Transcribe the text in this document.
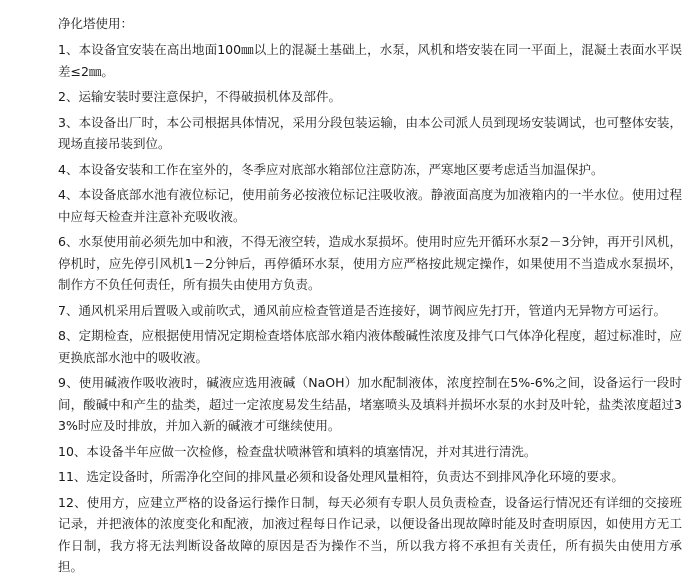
净化塔使用：
1、本设备宜安装在高出地面100㎜以上的混凝土基础上，水泵，风机和塔安装在同一平面上，混凝土表面水平误差≤2㎜。
2、运输安装时要注意保护，不得破损机体及部件。
3、本设备出厂时，本公司根据具体情况，采用分段包装运输，由本公司派人员到现场安装调试，也可整体安装，现场直接吊装到位。
4、本设备安装和工作在室外的，冬季应对底部水箱部位注意防冻，严寒地区要考虑适当加温保护。
4、本设备底部水池有液位标记，使用前务必按液位标记注吸收液。静液面高度为加液箱内的一半水位。使用过程中应每天检查并注意补充吸收液。
6、水泵使用前必须先加中和液，不得无液空转，造成水泵损坏。使用时应先开循环水泵2－3分钟，再开引风机，停机时，应先停引风机1－2分钟后，再停循环水泵，使用方应严格按此规定操作，如果使用不当造成水泵损坏，制作方不负任何责任，所有损失由使用方负责。
7、通风机采用后置吸入或前吹式，通风前应检查管道是否连接好，调节阀应先打开，管道内无异物方可运行。
8、定期检查，应根据使用情况定期检查塔体底部水箱内液体酸碱性浓度及排气口气体净化程度，超过标准时，应更换底部水池中的吸收液。
9、使用碱液作吸收液时，碱液应选用液碱（NaOH）加水配制液体，浓度控制在5%-6%之间，设备运行一段时间，酸碱中和产生的盐类，超过一定浓度易发生结晶，堵塞喷头及填料并损坏水泵的水封及叶轮，盐类浓度超过33%时应及时排放，并加入新的碱液才可继续使用。
10、本设备半年应做一次检修，检查盘状喷淋管和填料的填塞情况，并对其进行清洗。
11、选定设备时，所需净化空间的排风量必须和设备处理风量相符，负责达不到排风净化环境的要求。
12、使用方，应建立严格的设备运行操作日制，每天必须有专职人员负责检查，设备运行情况还有详细的交接班记录，并把液体的浓度变化和配液，加液过程每日作记录，以便设备出现故障时能及时查明原因，如使用方无工作日制，我方将无法判断设备故障的原因是否为操作不当，所以我方将不承担有关责任，所有损失由使用方承担。
